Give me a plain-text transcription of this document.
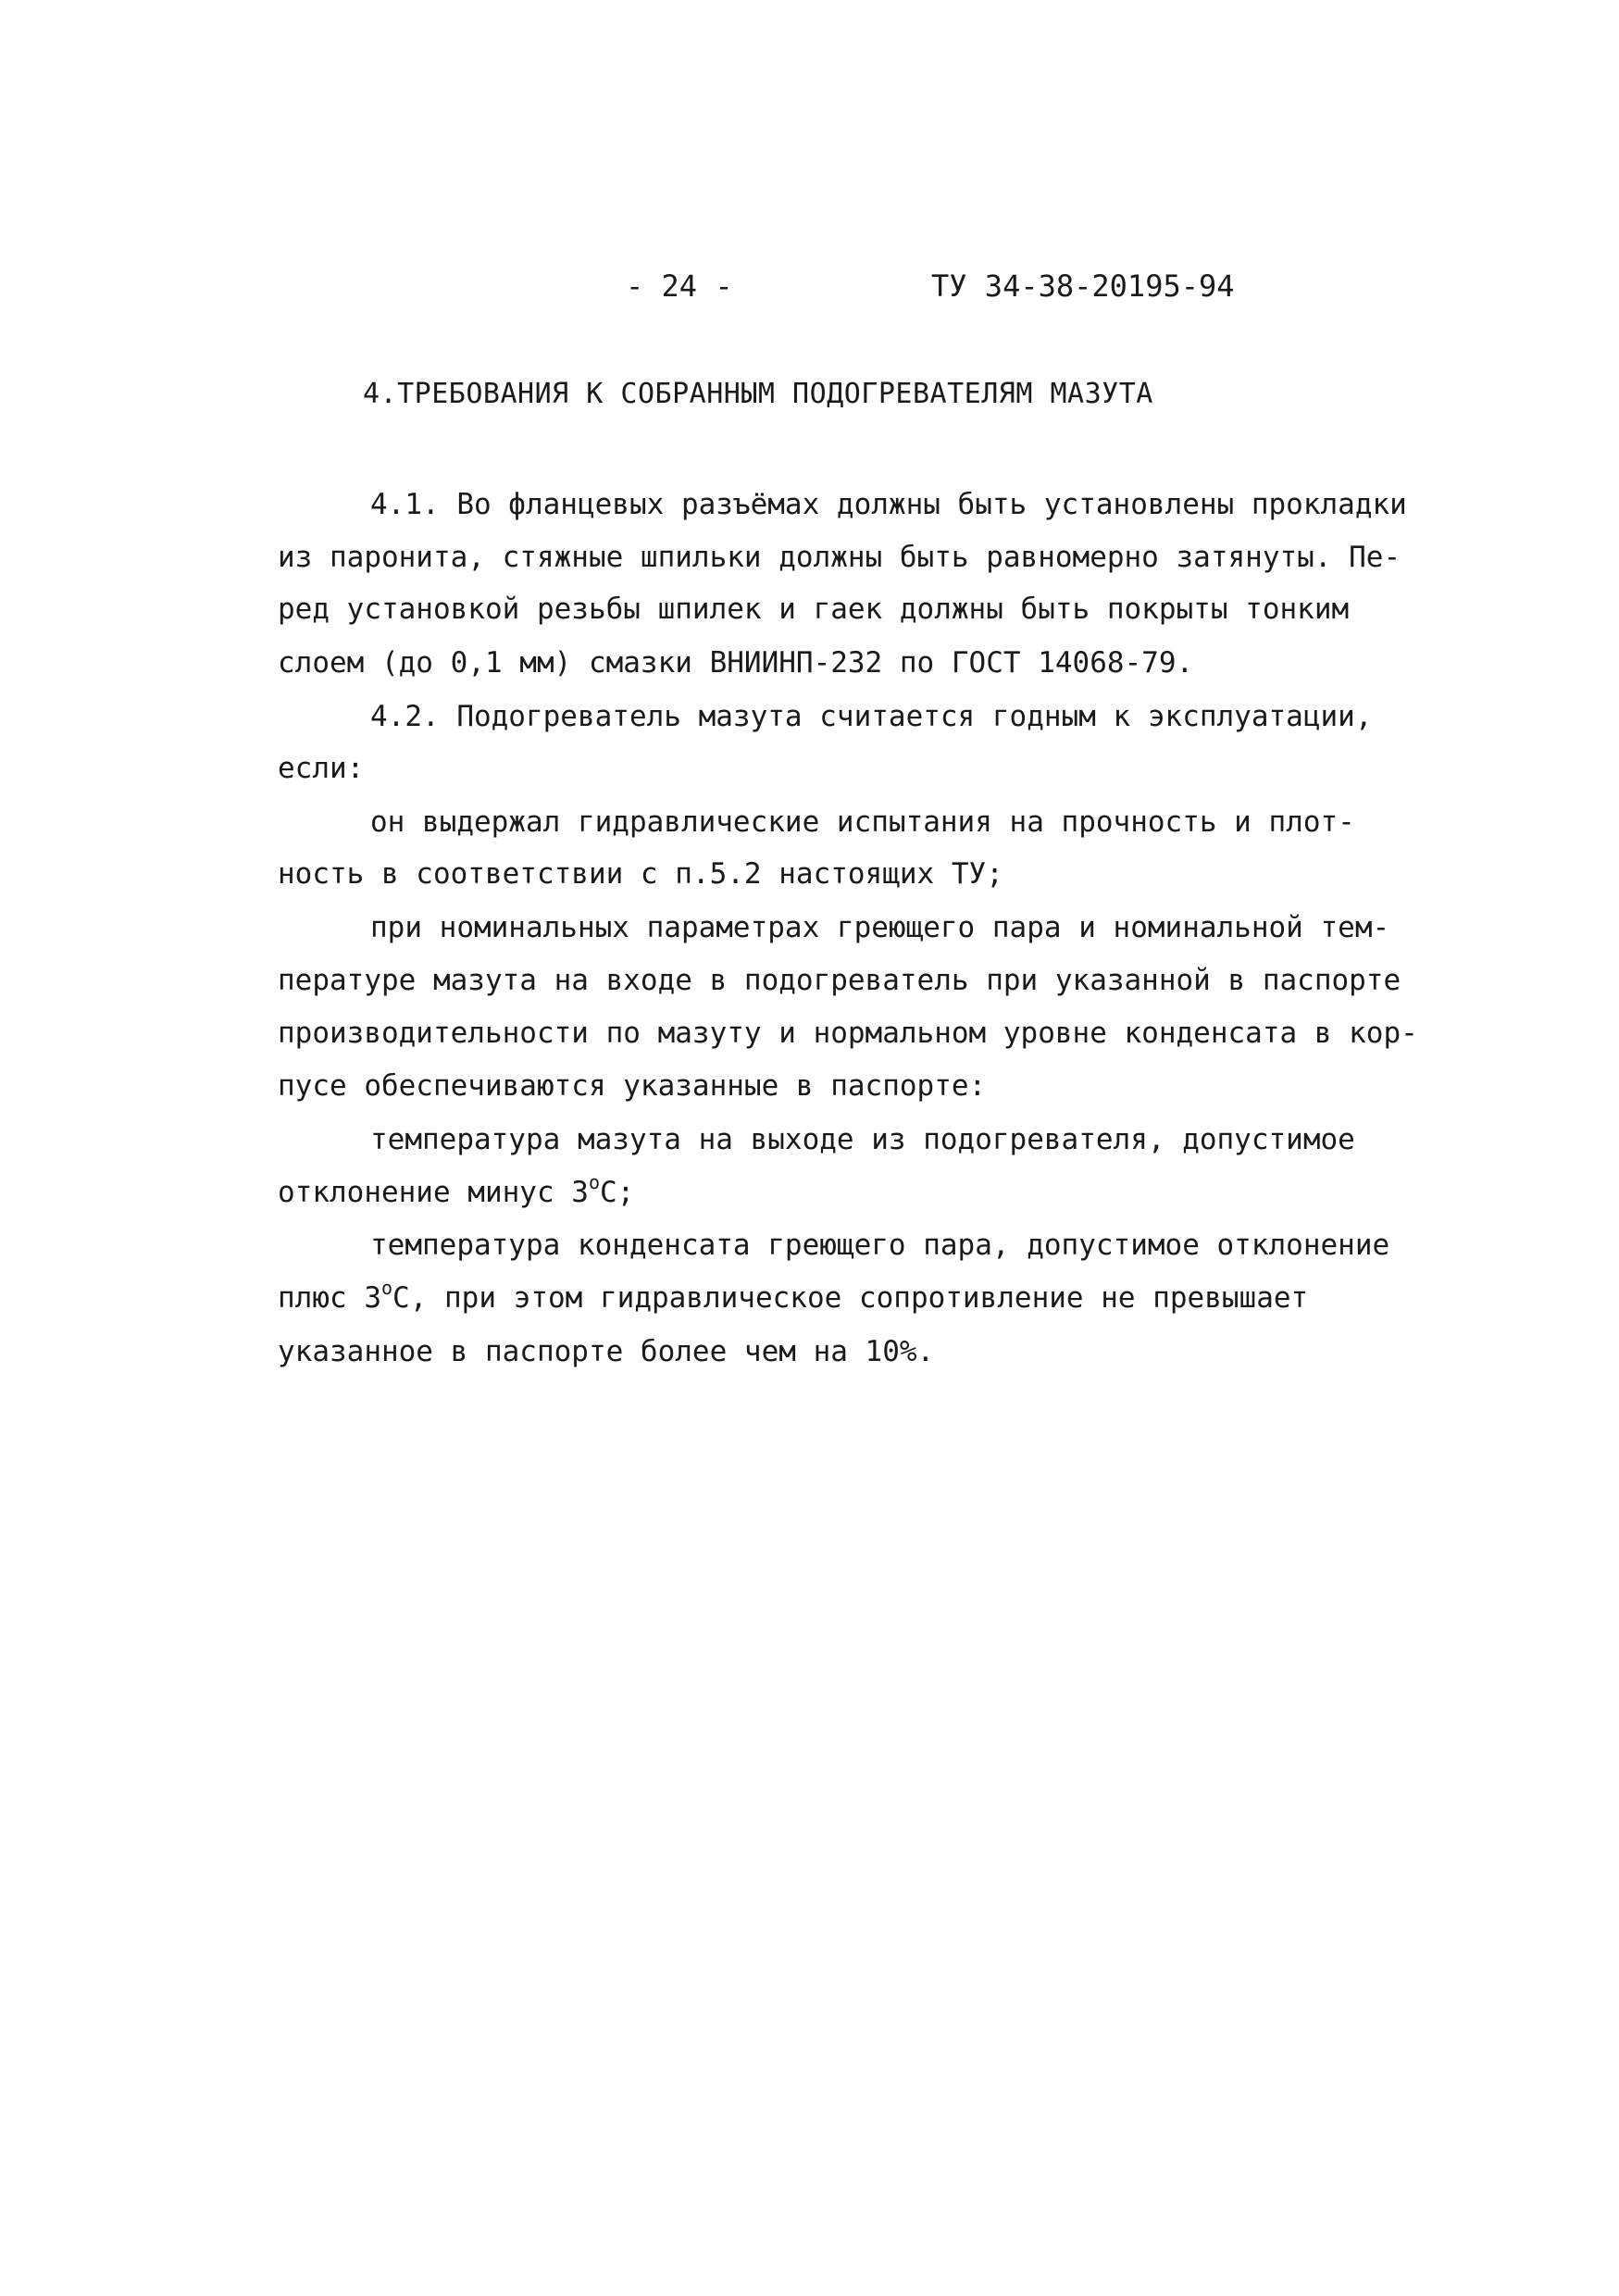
- 24 -	ТУ 34-38-20195-94
4.ТРЕБОВАНИЯ К СОБРАННЫМ ПОДОГРЕВАТЕЛЯМ МАЗУТА
4.1. Во фланцевых разъёмах должны быть установлены прокладки
из паронита, стяжные шпильки должны быть равномерно затянуты. Пе-
ред установкой резьбы шпилек и гаек должны быть покрыты тонким
слоем (до 0,1 мм) смазки ВНИИНП-232 по ГОСТ 14068-79.
4.2. Подогреватель мазута считается годным к эксплуатации,
если:
он выдержал гидравлические испытания на прочность и плот-
ность в соответствии с п.5.2 настоящих ТУ;
при номинальных параметрах греющего пара и номинальной тем-
пературе мазута на входе в подогреватель при указанной в паспорте
производительности по мазуту и нормальном уровне конденсата в кор-
пусе обеспечиваются указанные в паспорте:
температура мазута на выходе из подогревателя, допустимое
отклонение минус $3^оС$;
температура конденсата греющего пара, допустимое отклонение
плюс $3^оС$, при этом гидравлическое сопротивление не превышает
указанное в паспорте более чем на 10%.
